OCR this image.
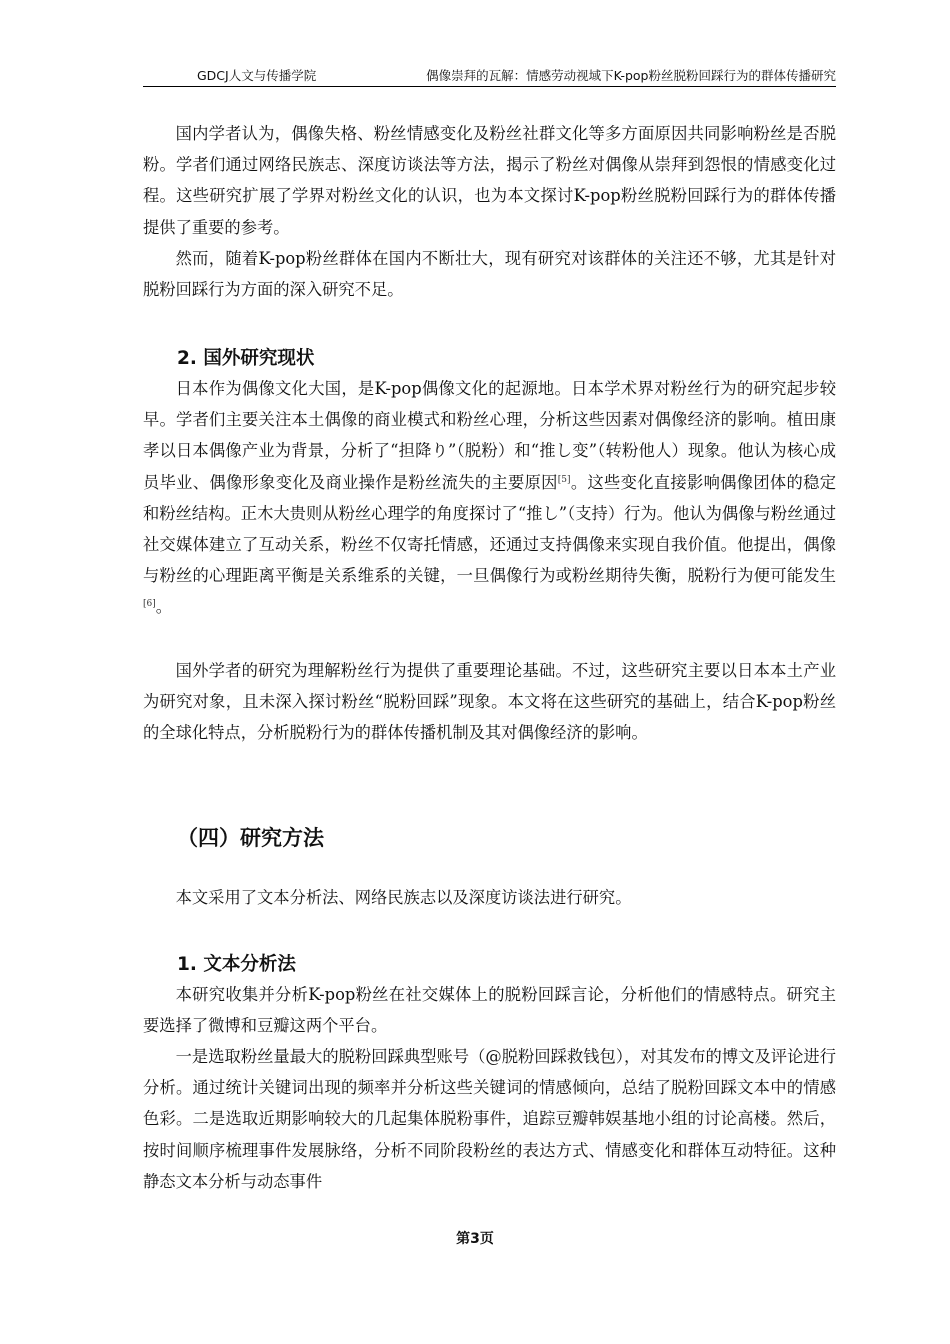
GDCJ人文与传播学院	偶像崇拜的瓦解：情感劳动视域下K-pop粉丝脱粉回踩行为的群体传播研究

国内学者认为，偶像失格、粉丝情感变化及粉丝社群文化等多方面原因共同影响粉丝是否脱粉。学者们通过网络民族志、深度访谈法等方法，揭示了粉丝对偶像从崇拜到怨恨的情感变化过程。这些研究扩展了学界对粉丝文化的认识，也为本文探讨K-pop粉丝脱粉回踩行为的群体传播提供了重要的参考。

然而，随着K-pop粉丝群体在国内不断壮大，现有研究对该群体的关注还不够，尤其是针对脱粉回踩行为方面的深入研究不足。

2. 国外研究现状

日本作为偶像文化大国，是K-pop偶像文化的起源地。日本学术界对粉丝行为的研究起步较早。学者们主要关注本土偶像的商业模式和粉丝心理，分析这些因素对偶像经济的影响。植田康孝以日本偶像产业为背景，分析了“担降り”（脱粉）和“推し变”（转粉他人）现象。他认为核心成员毕业、偶像形象变化及商业操作是粉丝流失的主要原因[5]。这些变化直接影响偶像团体的稳定和粉丝结构。正木大贵则从粉丝心理学的角度探讨了“推し”（支持）行为。他认为偶像与粉丝通过社交媒体建立了互动关系，粉丝不仅寄托情感，还通过支持偶像来实现自我价值。他提出，偶像与粉丝的心理距离平衡是关系维系的关键，一旦偶像行为或粉丝期待失衡，脱粉行为便可能发生[6]。

国外学者的研究为理解粉丝行为提供了重要理论基础。不过，这些研究主要以日本本土产业为研究对象，且未深入探讨粉丝“脱粉回踩”现象。本文将在这些研究的基础上，结合K-pop粉丝的全球化特点，分析脱粉行为的群体传播机制及其对偶像经济的影响。

（四）研究方法

本文采用了文本分析法、网络民族志以及深度访谈法进行研究。

1. 文本分析法

本研究收集并分析K-pop粉丝在社交媒体上的脱粉回踩言论，分析他们的情感特点。研究主要选择了微博和豆瓣这两个平台。

一是选取粉丝量最大的脱粉回踩典型账号（@脱粉回踩救钱包），对其发布的博文及评论进行分析。通过统计关键词出现的频率并分析这些关键词的情感倾向，总结了脱粉回踩文本中的情感色彩。二是选取近期影响较大的几起集体脱粉事件，追踪豆瓣韩娱基地小组的讨论高楼。然后，按时间顺序梳理事件发展脉络，分析不同阶段粉丝的表达方式、情感变化和群体互动特征。这种静态文本分析与动态事件

第3页
